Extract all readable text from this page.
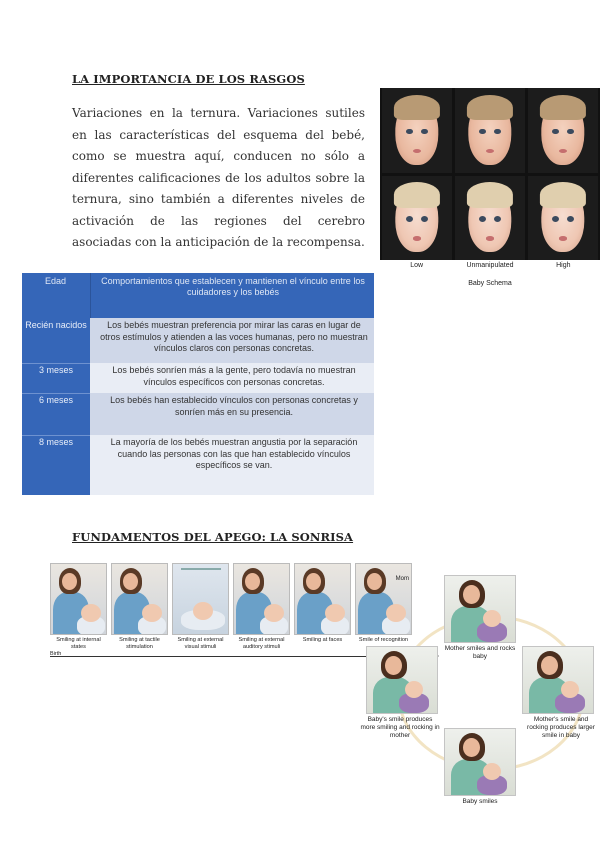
LA IMPORTANCIA DE LOS RASGOS
Variaciones en la ternura. Variaciones sutiles en las características del esquema del bebé, como se muestra aquí, conducen no sólo a diferentes calificaciones de los adultos sobre la ternura, sino también a diferentes niveles de activación de las regiones del cerebro asociadas con la anticipación de la recompensa.
Low	Unmanipulated	High
Baby Schema
Edad	Comportamientos que establecen y mantienen el vínculo entre los cuidadores y los bebés
Recién nacidos	Los bebés muestran preferencia por mirar las caras en lugar de otros estímulos y atienden a las voces humanas, pero no muestran vínculos claros con personas concretas.
3 meses	Los bebés sonríen más a la gente, pero todavía no muestran vínculos específicos con personas concretas.
6 meses	Los bebés han establecido vínculos con personas concretas y sonríen más en su presencia.
8 meses	La mayoría de los bebés muestran angustia por la separación cuando las personas con las que han establecido vínculos específicos se van.
FUNDAMENTOS DEL APEGO: LA SONRISA
Mom
Smiling at internal states
Smiling at tactile stimulation
Smiling at external visual stimuli
Smiling at external auditory stimuli
Smiling at faces	Smile of recognition
Birth
Mother smiles and rocks baby
Mother's smile and rocking produces larger smile in baby
Baby's smile produces more smiling and rocking in mother
Baby smiles
